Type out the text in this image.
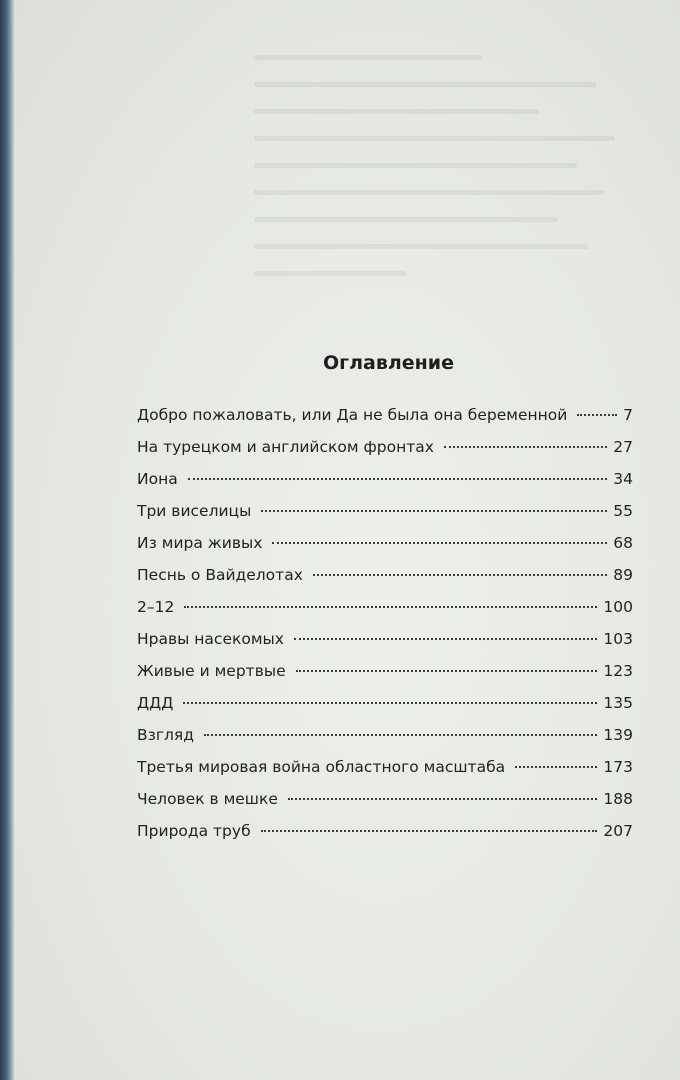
Оглавление
Добро пожаловать, или Да не была она беременной	7
На турецком и английском фронтах	27
Иона	34
Три виселицы	55
Из мира живых	68
Песнь о Вайделотах	89
2–12	100
Нравы насекомых	103
Живые и мертвые	123
ДДД	135
Взгляд	139
Третья мировая война областного масштаба	173
Человек в мешке	188
Природа труб	207
